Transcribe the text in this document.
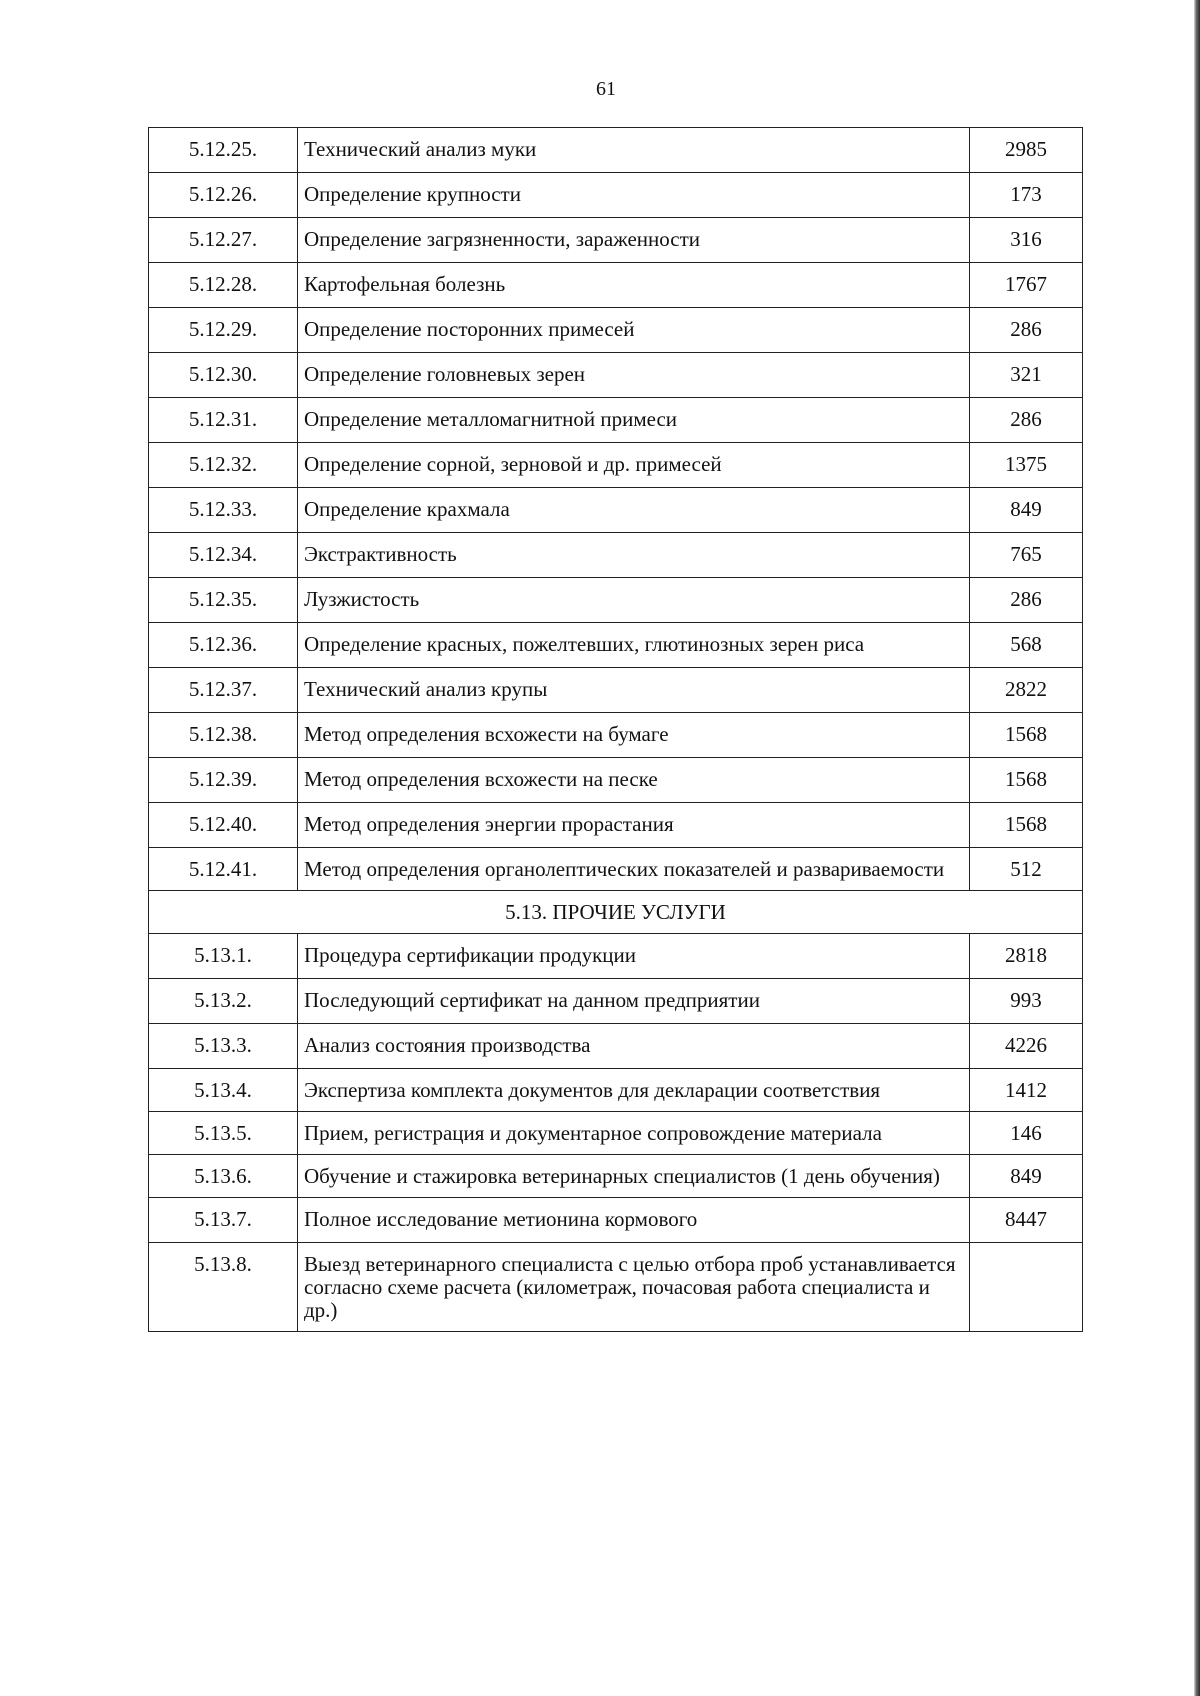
61
5.12.25.	Технический анализ муки	2985
5.12.26.	Определение крупности	173
5.12.27.	Определение загрязненности, зараженности	316
5.12.28.	Картофельная болезнь	1767
5.12.29.	Определение посторонних примесей	286
5.12.30.	Определение головневых зерен	321
5.12.31.	Определение металломагнитной примеси	286
5.12.32.	Определение сорной, зерновой и др. примесей	1375
5.12.33.	Определение крахмала	849
5.12.34.	Экстрактивность	765
5.12.35.	Лузжистость	286
5.12.36.	Определение красных, пожелтевших, глютинозных зерен риса	568
5.12.37.	Технический анализ крупы	2822
5.12.38.	Метод определения всхожести на бумаге	1568
5.12.39.	Метод определения всхожести на песке	1568
5.12.40.	Метод определения энергии прорастания	1568
5.12.41.	Метод определения органолептических показателей и развариваемости	512
5.13. ПРОЧИЕ УСЛУГИ		
5.13.1.	Процедура сертификации продукции	2818
5.13.2.	Последующий сертификат на данном предприятии	993
5.13.3.	Анализ состояния производства	4226
5.13.4.	Экспертиза комплекта документов для декларации соответствия	1412
5.13.5.	Прием, регистрация и документарное сопровождение материала	146
5.13.6.	Обучение и стажировка ветеринарных специалистов (1 день обучения)	849
5.13.7.	Полное исследование метионина кормового	8447
5.13.8.	Выезд ветеринарного специалиста с целью отбора проб устанавливается согласно схеме расчета (километраж, почасовая работа специалиста и др.)	
